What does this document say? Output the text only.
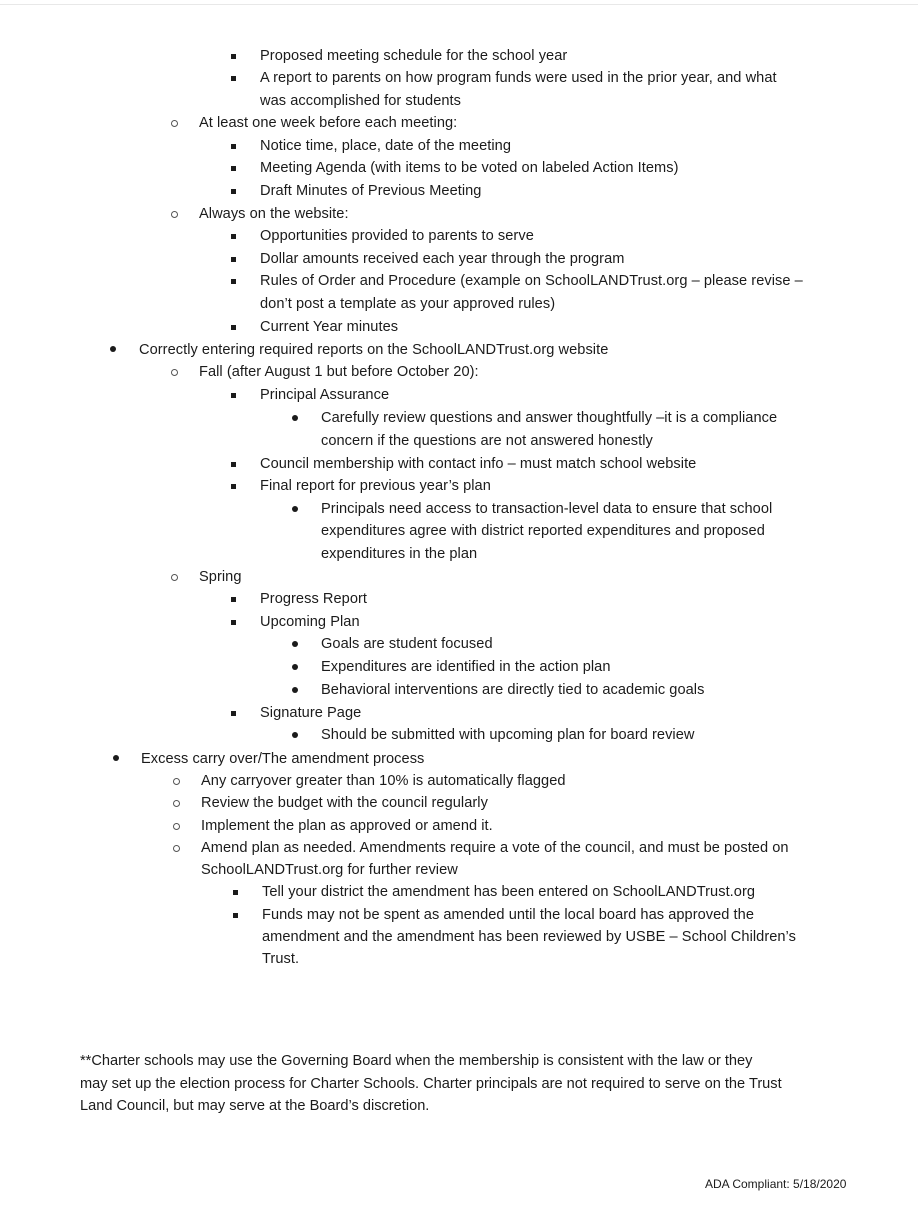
Proposed meeting schedule for the school year
A report to parents on how program funds were used in the prior year, and what
was accomplished for students
At least one week before each meeting:
Notice time, place, date of the meeting
Meeting Agenda (with items to be voted on labeled Action Items)
Draft Minutes of Previous Meeting
Always on the website:
Opportunities provided to parents to serve
Dollar amounts received each year through the program
Rules of Order and Procedure (example on SchoolLANDTrust.org – please revise –
don’t post a template as your approved rules)
Current Year minutes
Correctly entering required reports on the SchoolLANDTrust.org website
Fall (after August 1 but before October 20):
Principal Assurance
Carefully review questions and answer thoughtfully –it is a compliance
concern if the questions are not answered honestly
Council membership with contact info – must match school website
Final report for previous year’s plan
Principals need access to transaction-level data to ensure that school
expenditures agree with district reported expenditures and proposed
expenditures in the plan
Spring
Progress Report
Upcoming Plan
Goals are student focused
Expenditures are identified in the action plan
Behavioral interventions are directly tied to academic goals
Signature Page
Should be submitted with upcoming plan for board review
Excess carry over/The amendment process
Any carryover greater than 10% is automatically flagged
Review the budget with the council regularly
Implement the plan as approved or amend it.
Amend plan as needed. Amendments require a vote of the council, and must be posted on
SchoolLANDTrust.org for further review
Tell your district the amendment has been entered on SchoolLANDTrust.org
Funds may not be spent as amended until the local board has approved the
amendment and the amendment has been reviewed by USBE – School Children’s
Trust.
**Charter schools may use the Governing Board when the membership is consistent with the law or they
may set up the election process for Charter Schools. Charter principals are not required to serve on the Trust
Land Council, but may serve at the Board’s discretion.
ADA Compliant: 5/18/2020
